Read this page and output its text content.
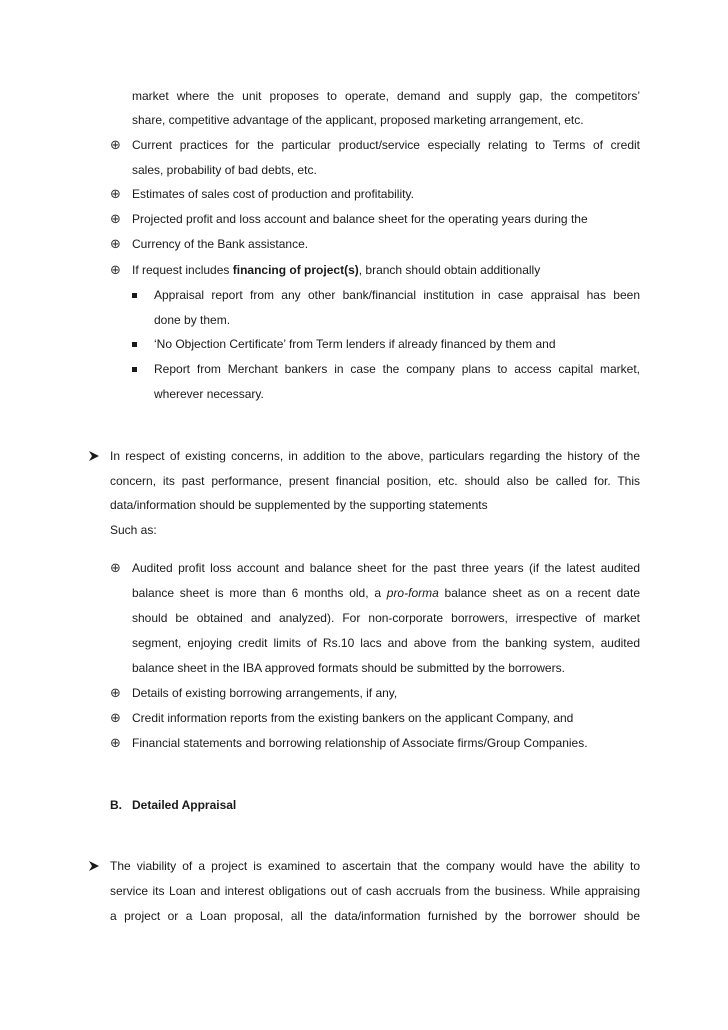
market where the unit proposes to operate, demand and supply gap, the competitors’
share, competitive advantage of the applicant, proposed marketing arrangement, etc.
⊕ Current practices for the particular product/service especially relating to Terms of credit
sales, probability of bad debts, etc.
⊕ Estimates of sales cost of production and profitability.
⊕ Projected profit and loss account and balance sheet for the operating years during the
⊕ Currency of the Bank assistance.
⊕ If request includes financing of project(s), branch should obtain additionally
Appraisal report from any other bank/financial institution in case appraisal has been
done by them.
‘No Objection Certificate’ from Term lenders if already financed by them and
Report from Merchant bankers in case the company plans to access capital market,
wherever necessary.
In respect of existing concerns, in addition to the above, particulars regarding the history of the
concern, its past performance, present financial position, etc. should also be called for. This
data/information should be supplemented by the supporting statements
Such as:
⊕ Audited profit loss account and balance sheet for the past three years (if the latest audited
balance sheet is more than 6 months old, a pro-forma balance sheet as on a recent date
should be obtained and analyzed). For non-corporate borrowers, irrespective of market
segment, enjoying credit limits of Rs.10 lacs and above from the banking system, audited
balance sheet in the IBA approved formats should be submitted by the borrowers.
⊕ Details of existing borrowing arrangements, if any,
⊕ Credit information reports from the existing bankers on the applicant Company, and
⊕ Financial statements and borrowing relationship of Associate firms/Group Companies.
B.   Detailed Appraisal
The viability of a project is examined to ascertain that the company would have the ability to
service its Loan and interest obligations out of cash accruals from the business. While appraising
a project or a Loan proposal, all the data/information furnished by the borrower should be
